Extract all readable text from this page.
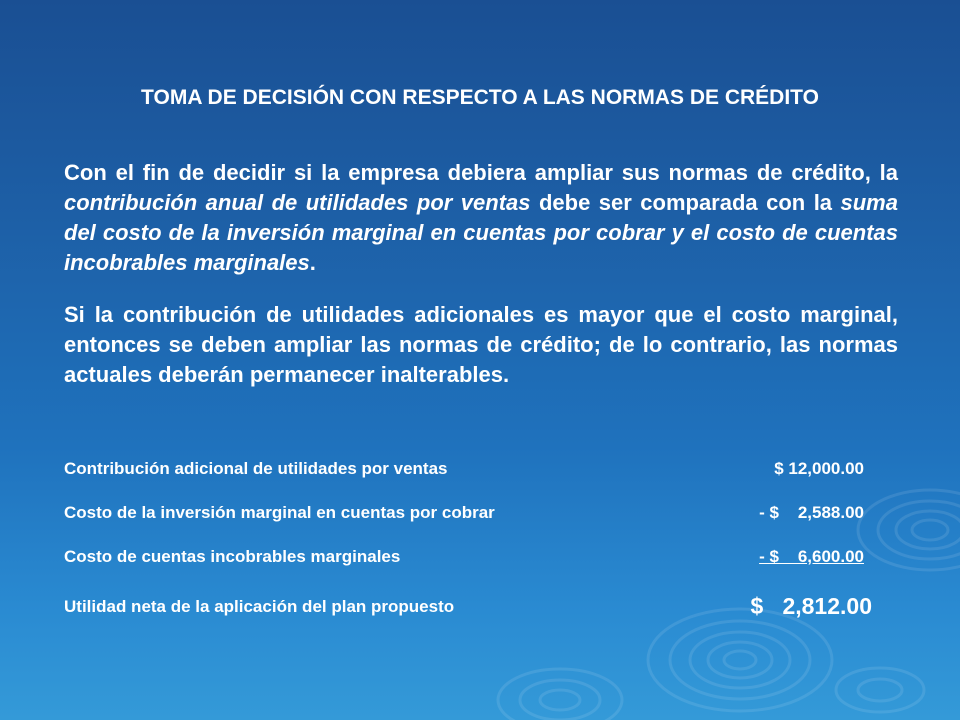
TOMA DE DECISIÓN CON RESPECTO A LAS NORMAS DE CRÉDITO

Con el fin de decidir si la empresa debiera ampliar sus normas de crédito, la contribución anual de utilidades por ventas debe ser comparada con la suma del costo de la inversión marginal en cuentas por cobrar y el costo de cuentas incobrables marginales.

Si la contribución de utilidades adicionales es mayor que el costo marginal, entonces se deben ampliar las normas de crédito; de lo contrario, las normas actuales deberán permanecer inalterables.

Contribución adicional de utilidades por ventas	$ 12,000.00
Costo de la inversión marginal en cuentas por cobrar	- $    2,588.00
Costo de cuentas incobrables marginales	- $    6,600.00
Utilidad neta de la aplicación del plan propuesto	$   2,812.00
